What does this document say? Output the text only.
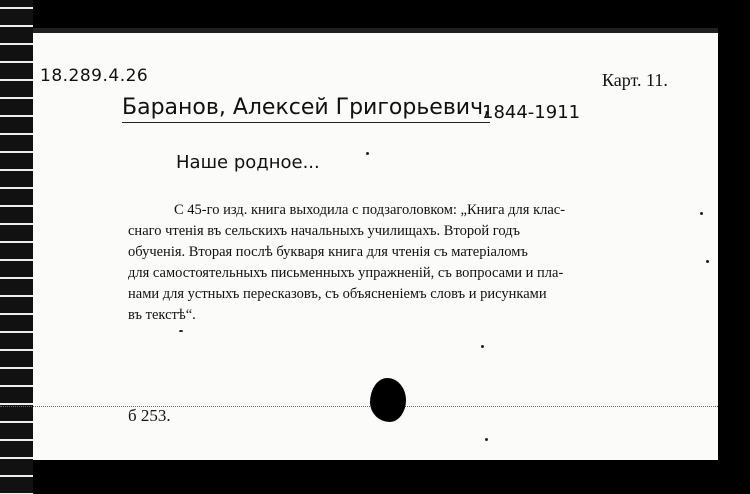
18.289.4.26	Карт. 11.
Баранов, Алексей Григорьевич,
1844-1911
Наше родное...
С 45-го изд. книга выходила с подзаголовком: „Книга для клас-
снаго чтенія въ сельскихъ начальныхъ училищахъ. Второй годъ
обученія. Вторая послѣ букваря книга для чтенія съ матеріаломъ
для самостоятельныхъ письменныхъ упражненій, съ вопросами и пла-
нами для устныхъ пересказовъ, съ объясненіемъ словъ и рисунками
въ текстѣ“.
б 253.
